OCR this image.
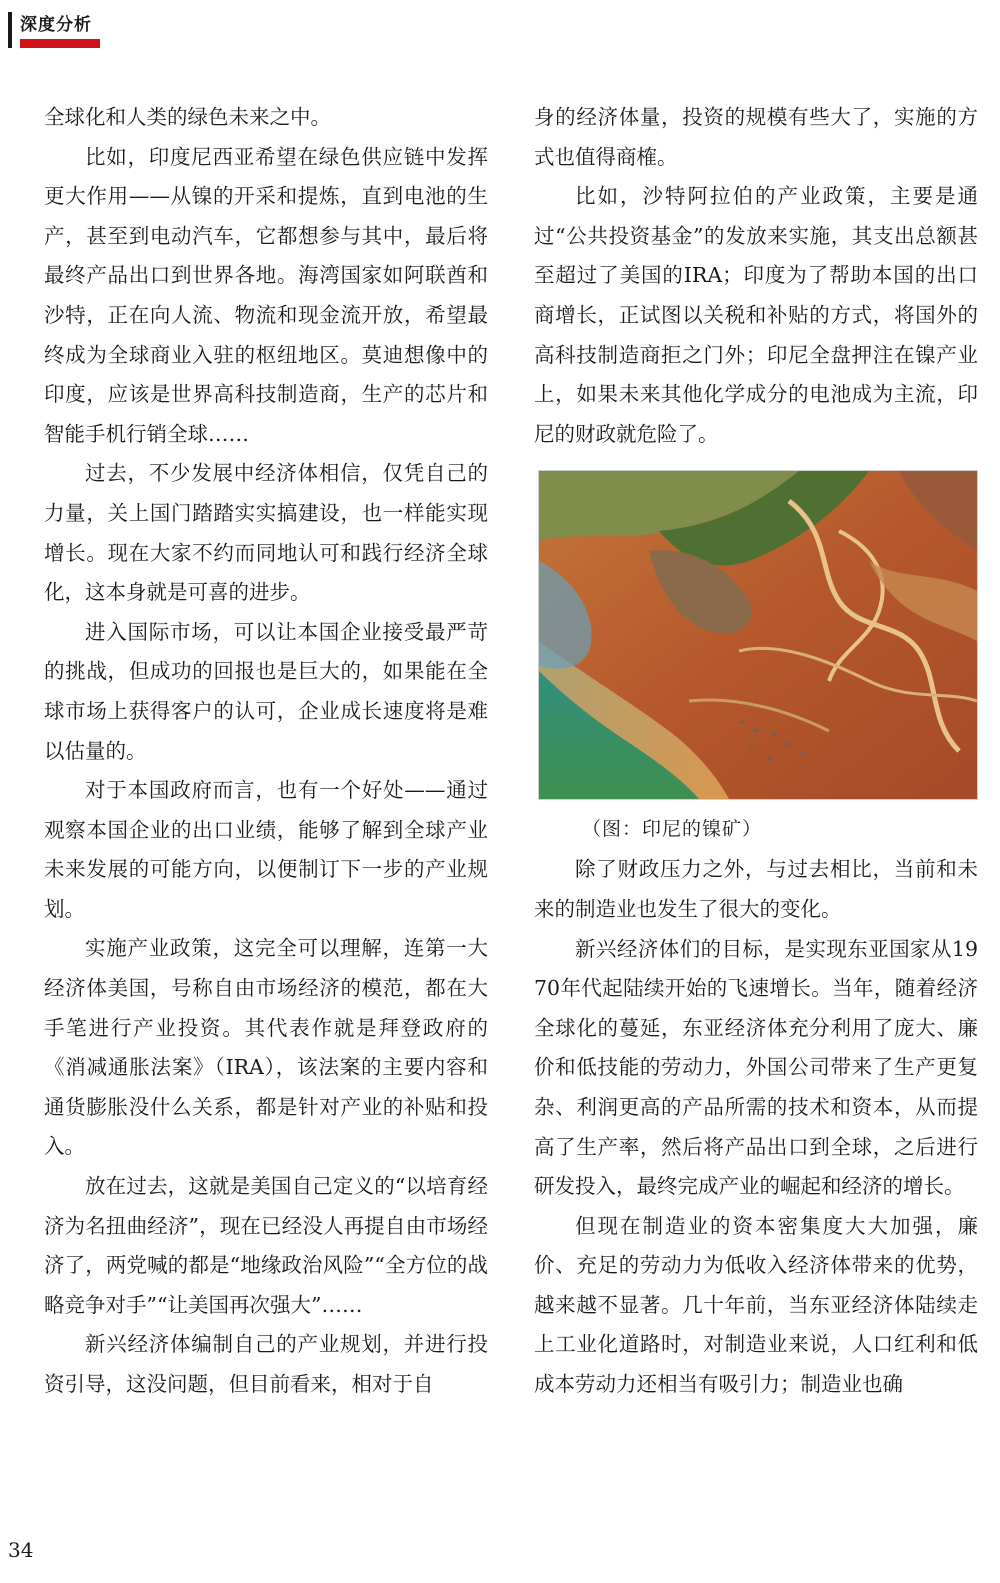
深度分析

全球化和人类的绿色未来之中。

比如，印度尼西亚希望在绿色供应链中发挥更大作用——从镍的开采和提炼，直到电池的生产，甚至到电动汽车，它都想参与其中，最后将最终产品出口到世界各地。海湾国家如阿联酋和沙特，正在向人流、物流和现金流开放，希望最终成为全球商业入驻的枢纽地区。莫迪想像中的印度，应该是世界高科技制造商，生产的芯片和智能手机行销全球……

过去，不少发展中经济体相信，仅凭自己的力量，关上国门踏踏实实搞建设，也一样能实现增长。现在大家不约而同地认可和践行经济全球化，这本身就是可喜的进步。

进入国际市场，可以让本国企业接受最严苛的挑战，但成功的回报也是巨大的，如果能在全球市场上获得客户的认可，企业成长速度将是难以估量的。

对于本国政府而言，也有一个好处——通过观察本国企业的出口业绩，能够了解到全球产业未来发展的可能方向，以便制订下一步的产业规划。

实施产业政策，这完全可以理解，连第一大经济体美国，号称自由市场经济的模范，都在大手笔进行产业投资。其代表作就是拜登政府的《消减通胀法案》（IRA），该法案的主要内容和通货膨胀没什么关系，都是针对产业的补贴和投入。

放在过去，这就是美国自己定义的“以培育经济为名扭曲经济”，现在已经没人再提自由市场经济了，两党喊的都是“地缘政治风险”“全方位的战略竞争对手”“让美国再次强大”……

新兴经济体编制自己的产业规划，并进行投资引导，这没问题，但目前看来，相对于自

身的经济体量，投资的规模有些大了，实施的方式也值得商榷。

比如，沙特阿拉伯的产业政策，主要是通过“公共投资基金”的发放来实施，其支出总额甚至超过了美国的IRA；印度为了帮助本国的出口商增长，正试图以关税和补贴的方式，将国外的高科技制造商拒之门外；印尼全盘押注在镍产业上，如果未来其他化学成分的电池成为主流，印尼的财政就危险了。

（图：印尼的镍矿）

除了财政压力之外，与过去相比，当前和未来的制造业也发生了很大的变化。

新兴经济体们的目标，是实现东亚国家从1970年代起陆续开始的飞速增长。当年，随着经济全球化的蔓延，东亚经济体充分利用了庞大、廉价和低技能的劳动力，外国公司带来了生产更复杂、利润更高的产品所需的技术和资本，从而提高了生产率，然后将产品出口到全球，之后进行研发投入，最终完成产业的崛起和经济的增长。

但现在制造业的资本密集度大大加强，廉价、充足的劳动力为低收入经济体带来的优势，越来越不显著。几十年前，当东亚经济体陆续走上工业化道路时，对制造业来说，人口红利和低成本劳动力还相当有吸引力；制造业也确

34
